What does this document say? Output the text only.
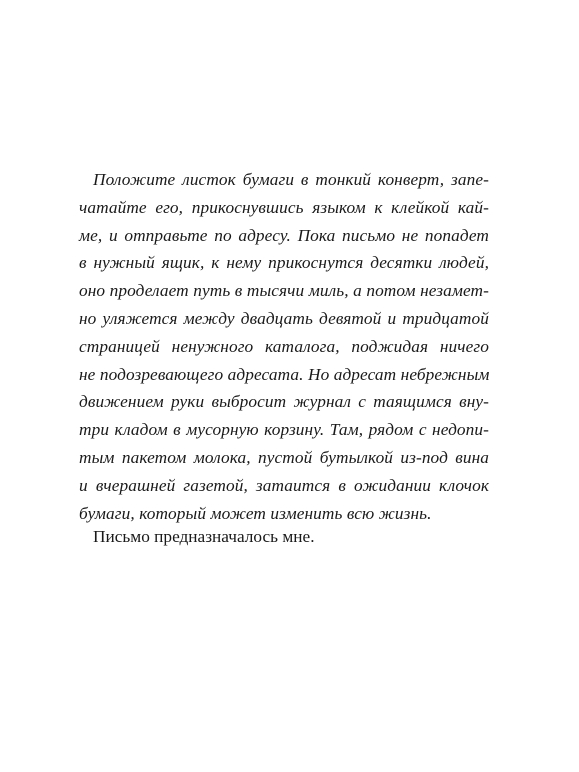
Положите листок бумаги в тонкий конверт, запе-
чатайте его, прикоснувшись языком к клейкой кай-
ме, и отправьте по адресу. Пока письмо не попадет
в нужный ящик, к нему прикоснутся десятки людей,
оно проделает путь в тысячи миль, а потом незамет-
но уляжется между двадцать девятой и тридцатой
страницей ненужного каталога, поджидая ничего
не подозревающего адресата. Но адресат небрежным
движением руки выбросит журнал с таящимся вну-
три кладом в мусорную корзину. Там, рядом с недопи-
тым пакетом молока, пустой бутылкой из-под вина
и вчерашней газетой, затаится в ожидании клочок
бумаги, который может изменить всю жизнь.
Письмо предназначалось мне.
